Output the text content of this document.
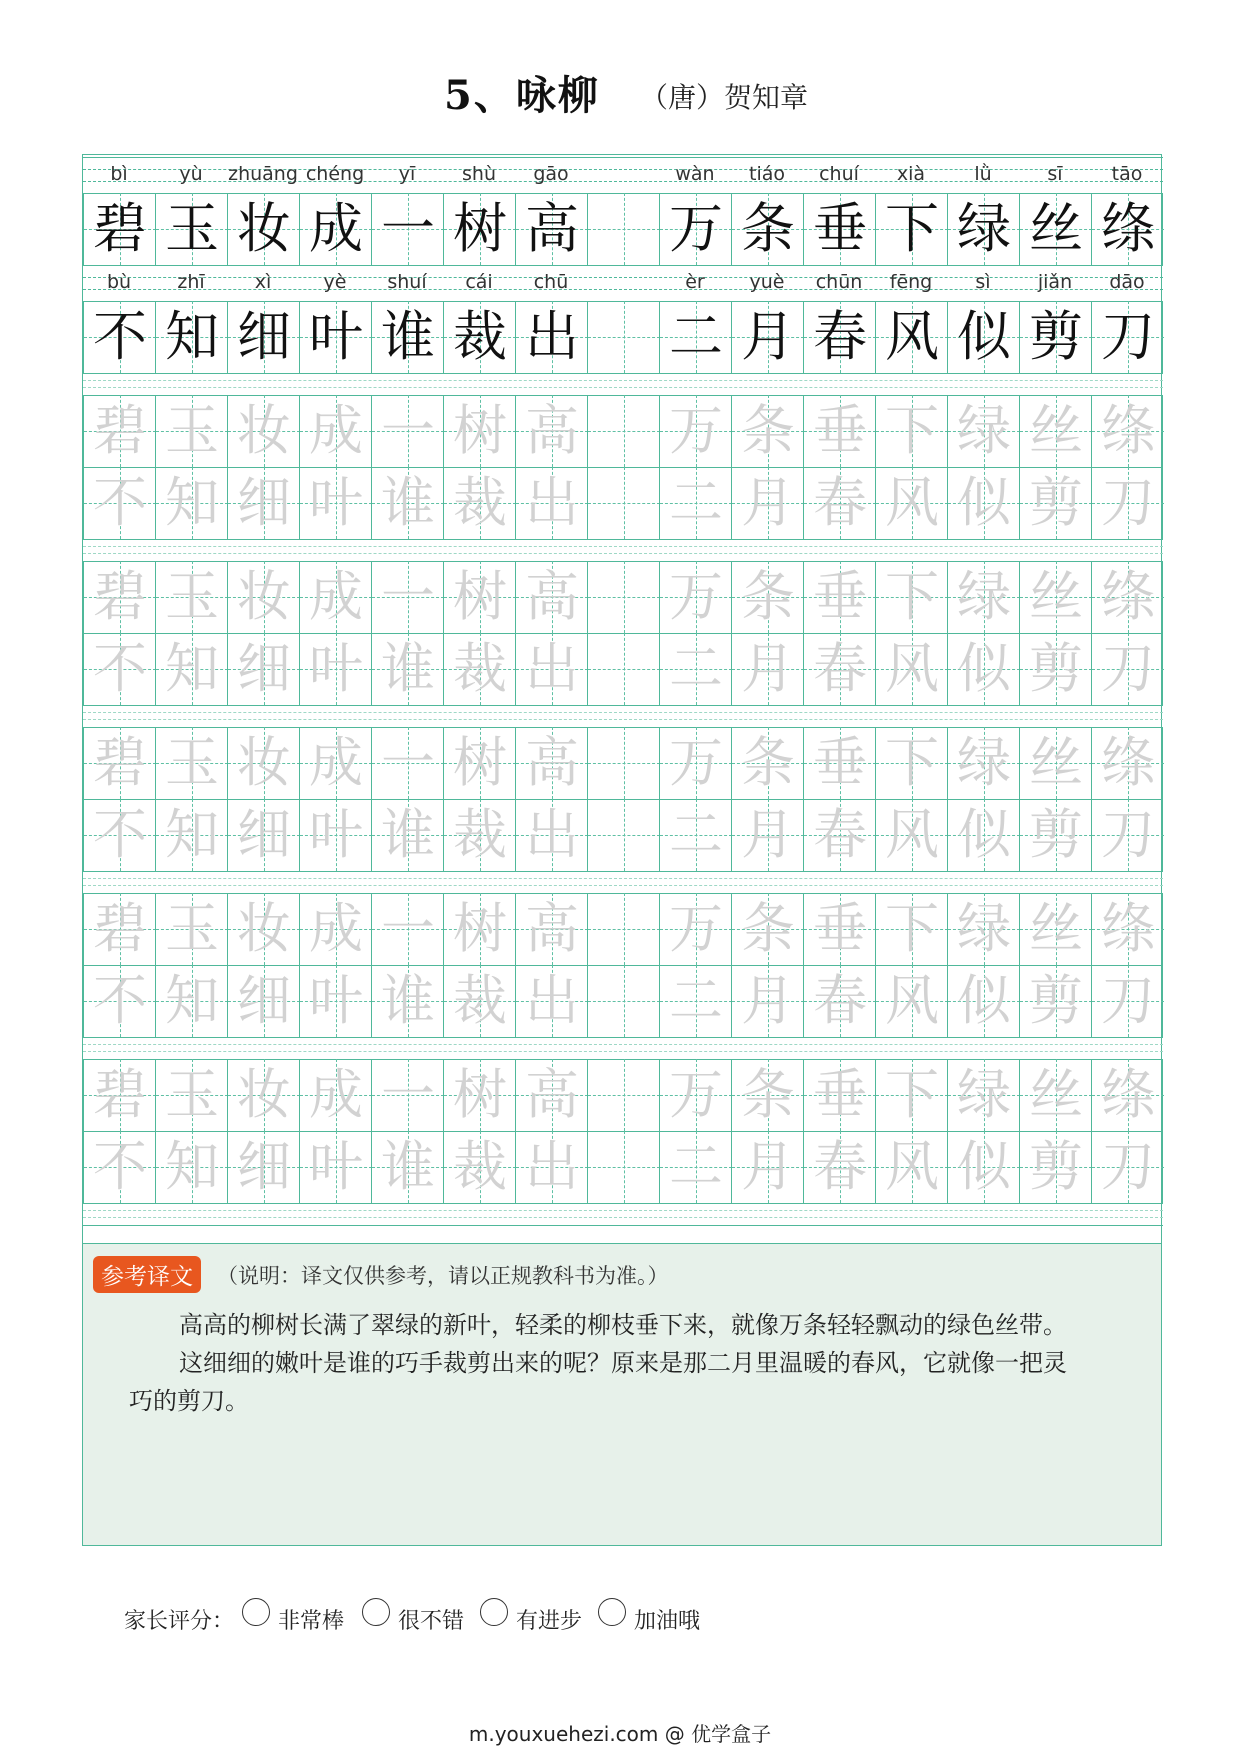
5、咏柳 （唐）贺知章
bì	yù	zhuāng chéng	yī	shù	gāo	wàn	tiáo	chuí	xià	lǜ	sī	tāo
碧 玉 妆 成 一 树 高 万 条 垂 下 绿 丝 绦
bù	zhī	xì	yè	shuí	cái	chū	èr	yuè	chūn	fēng	sì	jiǎn	dāo
不 知 细 叶 谁 裁 出 二 月 春 风 似 剪 刀
碧 玉 妆 成 一 树 高 万 条 垂 下 绿 丝 绦
不 知 细 叶 谁 裁 出 二 月 春 风 似 剪 刀
碧 玉 妆 成 一 树 高 万 条 垂 下 绿 丝 绦
不 知 细 叶 谁 裁 出 二 月 春 风 似 剪 刀
碧 玉 妆 成 一 树 高 万 条 垂 下 绿 丝 绦
不 知 细 叶 谁 裁 出 二 月 春 风 似 剪 刀
碧 玉 妆 成 一 树 高 万 条 垂 下 绿 丝 绦
不 知 细 叶 谁 裁 出 二 月 春 风 似 剪 刀
碧 玉 妆 成 一 树 高 万 条 垂 下 绿 丝 绦
不 知 细 叶 谁 裁 出 二 月 春 风 似 剪 刀
参考译文	（说明：译文仅供参考，请以正规教科书为准。）
高高的柳树长满了翠绿的新叶，轻柔的柳枝垂下来，就像万条轻轻飘动的绿色丝带。
这细细的嫩叶是谁的巧手裁剪出来的呢？原来是那二月里温暖的春风，它就像一把灵
巧的剪刀。
家长评分： 非常棒 很不错 有进步 加油哦
m.youxuehezi.com @ 优学盒子
